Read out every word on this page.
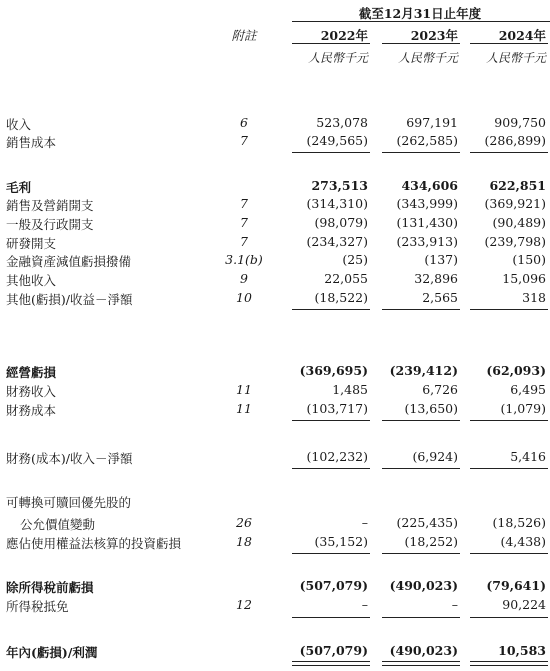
截至12月31日止年度
附註	2022年	2023年	2024年
人民幣千元	人民幣千元	人民幣千元
收入	6	523,078	697,191	909,750
銷售成本	7	(249,565)	(262,585)	(286,899)
毛利	273,513	434,606	622,851
銷售及營銷開支	7	(314,310)	(343,999)	(369,921)
一般及行政開支	7	(98,079)	(131,430)	(90,489)
研發開支	7	(234,327)	(233,913)	(239,798)
金融資產減值虧損撥備	3.1(b)	(25)	(137)	(150)
其他收入	9	22,055	32,896	15,096
其他(虧損)/收益－淨額	10	(18,522)	2,565	318
經營虧損	(369,695)	(239,412)	(62,093)
財務收入	11	1,485	6,726	6,495
財務成本	11	(103,717)	(13,650)	(1,079)
財務(成本)/收入－淨額	(102,232)	(6,924)	5,416
可轉換可贖回優先股的
公允價值變動	26	–	(225,435)	(18,526)
應佔使用權益法核算的投資虧損	18	(35,152)	(18,252)	(4,438)
除所得稅前虧損	(507,079)	(490,023)	(79,641)
所得稅抵免	12	–	–	90,224
年內(虧損)/利潤	(507,079)	(490,023)	10,583
